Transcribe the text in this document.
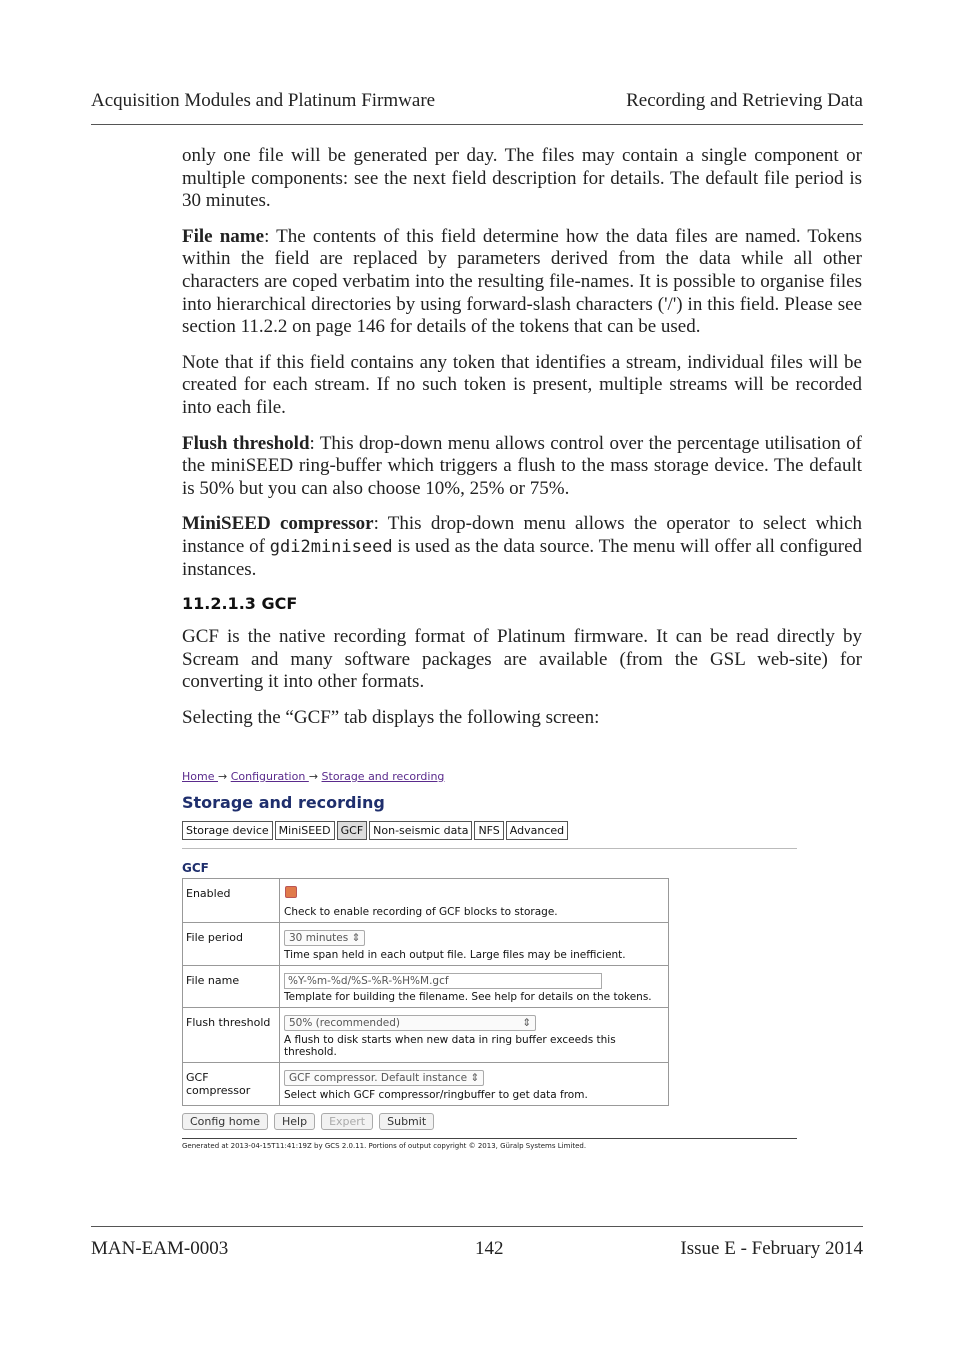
Acquisition Modules and Platinum Firmware	Recording and Retrieving Data

only one file will be generated per day. The files may contain a single component or multiple components: see the next field description for details. The default file period is 30 minutes.

File name: The contents of this field determine how the data files are named. Tokens within the field are replaced by parameters derived from the data while all other characters are coped verbatim into the resulting file-names. It is possible to organise files into hierarchical directories by using forward-slash characters ('/') in this field. Please see section 11.2.2 on page 146 for details of the tokens that can be used.

Note that if this field contains any token that identifies a stream, individual files will be created for each stream. If no such token is present, multiple streams will be recorded into each file.

Flush threshold: This drop-down menu allows control over the percentage utilisation of the miniSEED ring-buffer which triggers a flush to the mass storage device. The default is 50% but you can also choose 10%, 25% or 75%.

MiniSEED compressor: This drop-down menu allows the operator to select which instance of gdi2miniseed is used as the data source. The menu will offer all configured instances.

11.2.1.3 GCF

GCF is the native recording format of Platinum firmware. It can be read directly by Scream and many software packages are available (from the GSL web-site) for converting it into other formats.

Selecting the “GCF” tab displays the following screen:

Home → Configuration → Storage and recording
Storage and recording
Storage device MiniSEED GCF Non-seismic data NFS Advanced
GCF
Enabled	Check to enable recording of GCF blocks to storage.

File period	30 minutes ⇕
Time span held in each output file. Large files may be inefficient.

File name	%Y-%m-%d/%S-%R-%H%M.gcf
Template for building the filename. See help for details on the tokens.

Flush threshold	50% (recommended) ⇕
A flush to disk starts when new data in ring buffer exceeds this threshold.

GCF compressor	GCF compressor. Default instance ⇕
Select which GCF compressor/ringbuffer to get data from.
Config home	Help	Expert	Submit
Generated at 2013-04-15T11:41:19Z by GCS 2.0.11. Portions of output copyright © 2013, Güralp Systems Limited.
MAN-EAM-0003	142	Issue E - February 2014
